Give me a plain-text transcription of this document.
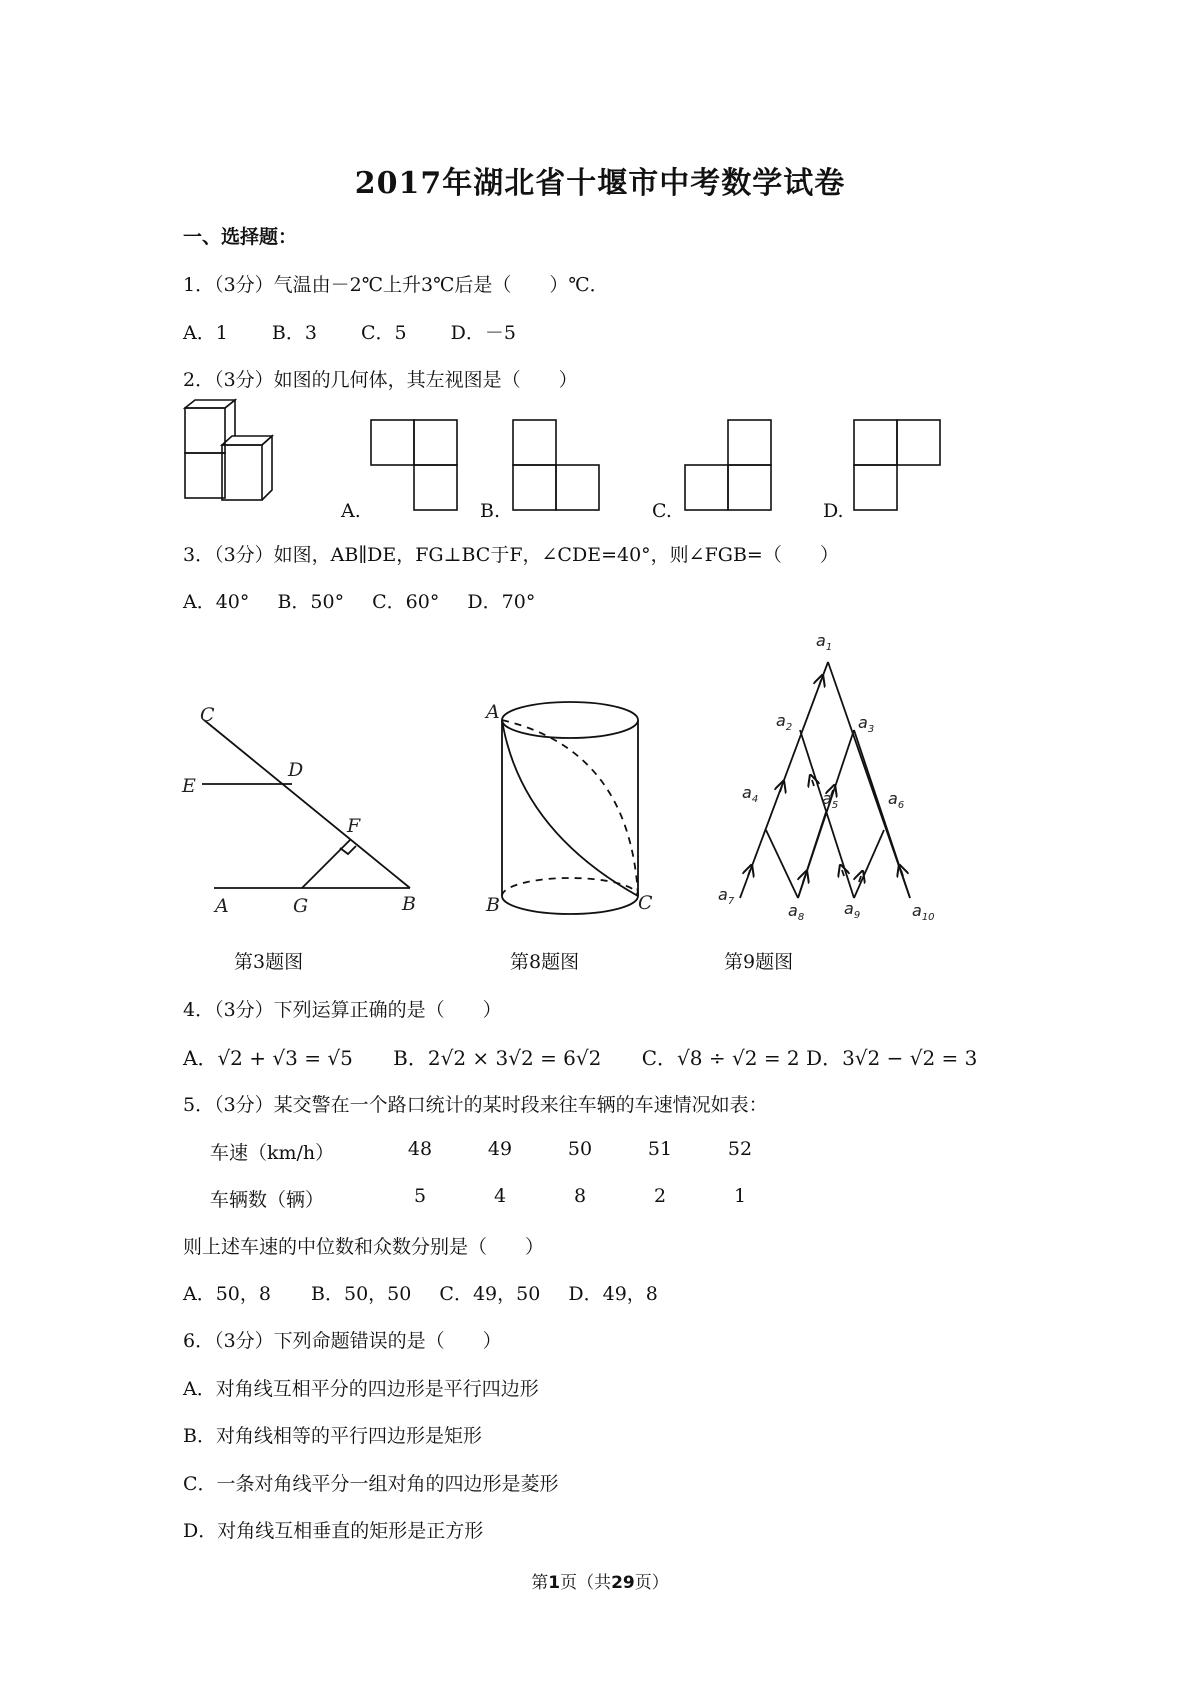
2017年湖北省十堰市中考数学试卷
一、选择题：
1．（3分）气温由－2℃上升3℃后是（　　）℃．
A．1 B．3 C．5 D．－5
2．（3分）如图的几何体，其左视图是（　　）
A.	B.	C.	D.
3．（3分）如图，AB∥DE，FG⊥BC于F，∠CDE=40°，则∠FGB=（　　）
A．40° B．50° C．60° D．70°
C
E
D
F
A	G	B
第3题图
A
B	C
第8题图
$a_1$
$a_2$	$a_3$
$a_4$	$a_5$	$a_6$
$a_7$	$a_8$ $a_9$	$a_{10}$
第9题图
4．（3分）下列运算正确的是（　　）
A．√2 + √3 = √5 B．2√2 × 3√2 = 6√2 C．√8 ÷ √2 = 2 D．3√2 − √2 = 3
5．（3分）某交警在一个路口统计的某时段来往车辆的车速情况如表：
车速（km/h）	48	49	50	51	52
车辆数（辆）	5	4	8	2	1
则上述车速的中位数和众数分别是（　　）
A．50，8 B．50，50 C．49，50 D．49，8
6．（3分）下列命题错误的是（　　）
A．对角线互相平分的四边形是平行四边形
B．对角线相等的平行四边形是矩形
C．一条对角线平分一组对角的四边形是菱形
D．对角线互相垂直的矩形是正方形
第1页（共29页）
